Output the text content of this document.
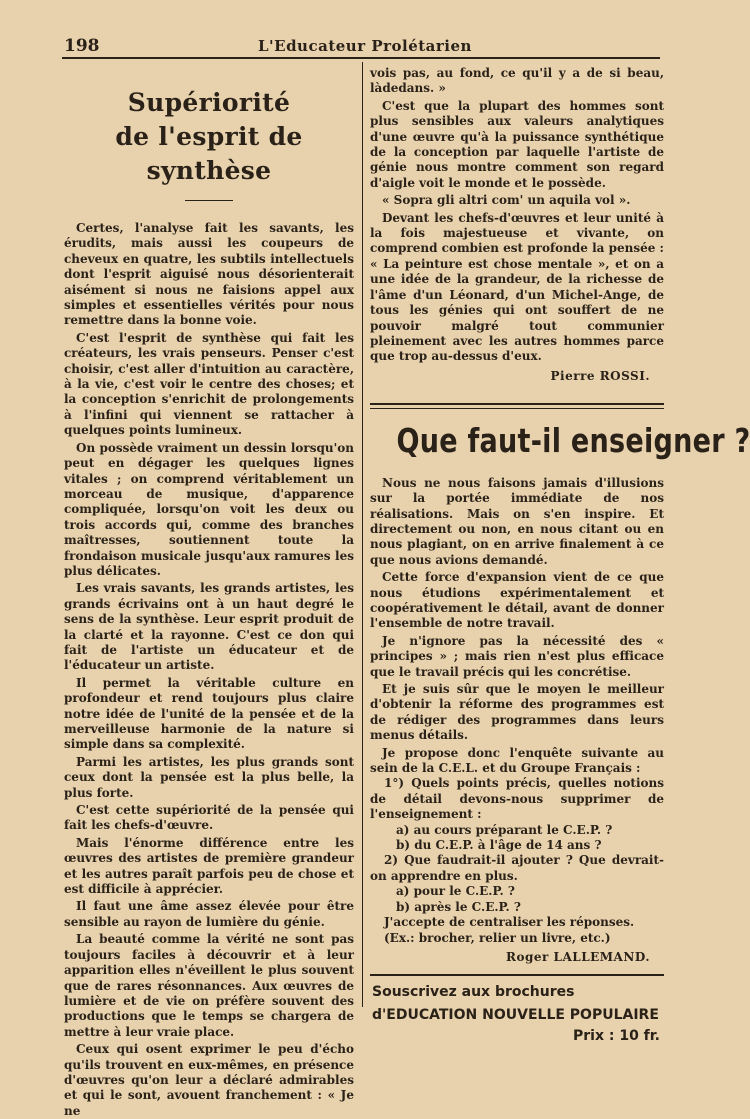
198	L'Educateur Prolétarien
Supériorité
de l'esprit de synthèse

Certes, l'analyse fait les savants, les érudits, mais aussi les coupeurs de cheveux en quatre, les subtils intellectuels dont l'esprit aiguisé nous désorienterait aisément si nous ne faisions appel aux simples et essentielles vérités pour nous remettre dans la bonne voie.

C'est l'esprit de synthèse qui fait les créateurs, les vrais penseurs. Penser c'est choisir, c'est aller d'intuition au caractère, à la vie, c'est voir le centre des choses; et la conception s'enrichit de prolongements à l'infini qui viennent se rattacher à quelques points lumineux.

On possède vraiment un dessin lorsqu'on peut en dégager les quelques lignes vitales ; on comprend véritablement un morceau de musique, d'apparence compliquée, lorsqu'on voit les deux ou trois accords qui, comme des branches maîtresses, soutiennent toute la frondaison musicale jusqu'aux ramures les plus délicates.

Les vrais savants, les grands artistes, les grands écrivains ont à un haut degré le sens de la synthèse. Leur esprit produit de la clarté et la rayonne. C'est ce don qui fait de l'artiste un éducateur et de l'éducateur un artiste.

Il permet la véritable culture en profondeur et rend toujours plus claire notre idée de l'unité de la pensée et de la merveilleuse harmonie de la nature si simple dans sa complexité.

Parmi les artistes, les plus grands sont ceux dont la pensée est la plus belle, la plus forte.

C'est cette supériorité de la pensée qui fait les chefs-d'œuvre.

Mais l'énorme différence entre les œuvres des artistes de première grandeur et les autres paraît parfois peu de chose et est difficile à apprécier.

Il faut une âme assez élevée pour être sensible au rayon de lumière du génie.

La beauté comme la vérité ne sont pas toujours faciles à découvrir et à leur apparition elles n'éveillent le plus souvent que de rares résonnances. Aux œuvres de lumière et de vie on préfère souvent des productions que le temps se chargera de mettre à leur vraie place.

Ceux qui osent exprimer le peu d'écho qu'ils trouvent en eux-mêmes, en présence d'œuvres qu'on leur a déclaré admirables et qui le sont, avouent franchement : « Je ne

vois pas, au fond, ce qu'il y a de si beau, làdedans. »

C'est que la plupart des hommes sont plus sensibles aux valeurs analytiques d'une œuvre qu'à la puissance synthétique de la conception par laquelle l'artiste de génie nous montre comment son regard d'aigle voit le monde et le possède.

« Sopra gli altri com' un aquila vol ».

Devant les chefs-d'œuvres et leur unité à la fois majestueuse et vivante, on comprend combien est profonde la pensée : « La peinture est chose mentale », et on a une idée de la grandeur, de la richesse de l'âme d'un Léonard, d'un Michel-Ange, de tous les génies qui ont souffert de ne pouvoir malgré tout communier pleinement avec les autres hommes parce que trop au-dessus d'eux.

Pierre ROSSI.
Que faut-il enseigner ?

Nous ne nous faisons jamais d'illusions sur la portée immédiate de nos réalisations. Mais on s'en inspire. Et directement ou non, en nous citant ou en nous plagiant, on en arrive finalement à ce que nous avions demandé.

Cette force d'expansion vient de ce que nous étudions expérimentalement et coopérativement le détail, avant de donner l'ensemble de notre travail.

Je n'ignore pas la nécessité des « principes » ; mais rien n'est plus efficace que le travail précis qui les concrétise.

Et je suis sûr que le moyen le meilleur d'obtenir la réforme des programmes est de rédiger des programmes dans leurs menus détails.

Je propose donc l'enquête suivante au sein de la C.E.L. et du Groupe Français :

1°) Quels points précis, quelles notions de détail devons-nous supprimer de l'enseignement :
a) au cours préparant le C.E.P. ?
b) du C.E.P. à l'âge de 14 ans ?
2) Que faudrait-il ajouter ? Que devrait-on apprendre en plus.
a) pour le C.E.P. ?
b) après le C.E.P. ?
J'accepte de centraliser les réponses.
(Ex.: brocher, relier un livre, etc.)
Roger LALLEMAND.
Souscrivez aux brochures
d'EDUCATION NOUVELLE POPULAIRE
Prix : 10 fr.
